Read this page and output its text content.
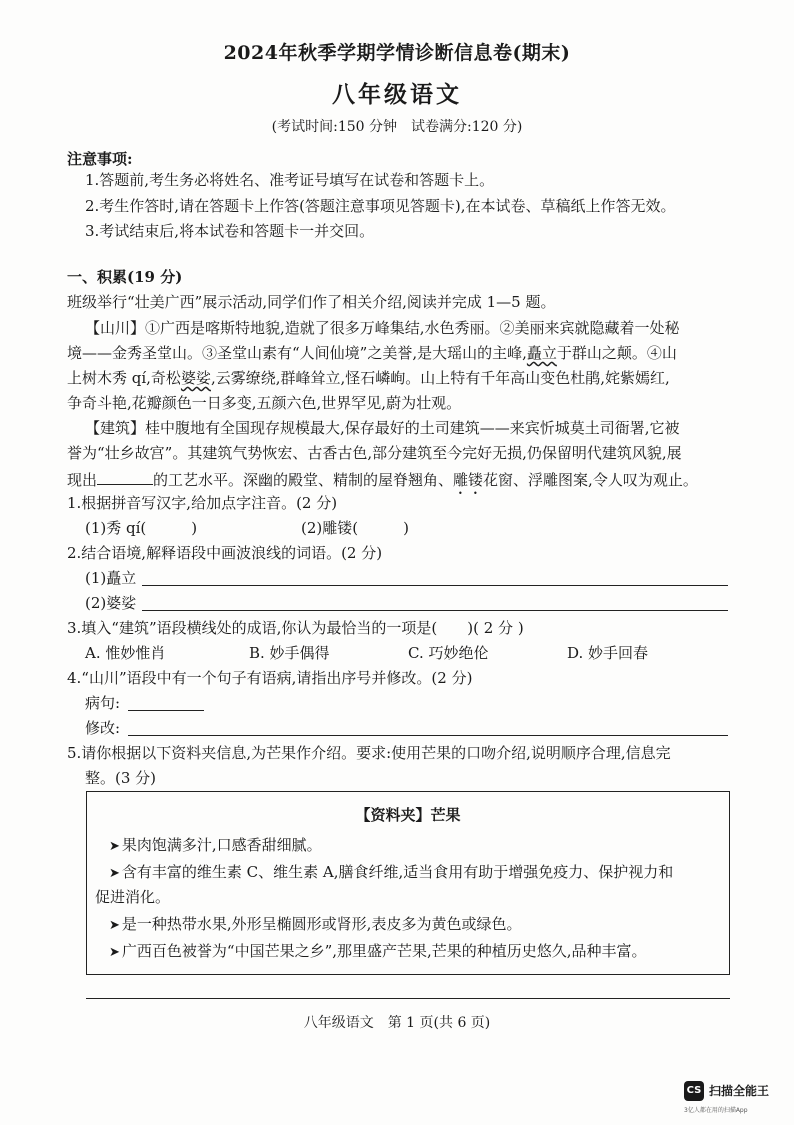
2024年秋季学期学情诊断信息卷(期末)
八年级语文
(考试时间:150 分钟　试卷满分:120 分)
注意事项:
1.答题前,考生务必将姓名、准考证号填写在试卷和答题卡上。
2.考生作答时,请在答题卡上作答(答题注意事项见答题卡),在本试卷、草稿纸上作答无效。
3.考试结束后,将本试卷和答题卡一并交回。
一、积累(19 分)
班级举行“壮美广西”展示活动,同学们作了相关介绍,阅读并完成 1—5 题。
【山川】①广西是喀斯特地貌,造就了很多万峰集结,水色秀丽。②美丽来宾就隐藏着一处秘
境——金秀圣堂山。③圣堂山素有“人间仙境”之美誉,是大瑶山的主峰,矗立于群山之颠。④山
上树木秀 qí,奇松婆娑,云雾缭绕,群峰耸立,怪石嶙峋。山上特有千年高山变色杜鹃,姹紫嫣红,
争奇斗艳,花瓣颜色一日多变,五颜六色,世界罕见,蔚为壮观。
【建筑】桂中腹地有全国现存规模最大,保存最好的土司建筑——来宾忻城莫土司衙署,它被
誉为“壮乡故宫”。其建筑气势恢宏、古香古色,部分建筑至今完好无损,仍保留明代建筑风貌,展
现出	的工艺水平。深幽的殿堂、精制的屋脊翘角、雕镂花窗、浮雕图案,令人叹为观止。
1.根据拼音写汉字,给加点字注音。(2 分)
(1)秀 qí(　　　)	(2)雕镂(　　　)
2.结合语境,解释语段中画波浪线的词语。(2 分)
(1)矗立
(2)婆娑
3.填入“建筑”语段横线处的成语,你认为最恰当的一项是(　　)( 2 分 )
A. 惟妙惟肖	B. 妙手偶得	C. 巧妙绝伦	D. 妙手回春
4.“山川”语段中有一个句子有语病,请指出序号并修改。(2 分)
病句:
修改:
5.请你根据以下资料夹信息,为芒果作介绍。要求:使用芒果的口吻介绍,说明顺序合理,信息完
整。(3 分)
【资料夹】芒果
➤ 果肉饱满多汁,口感香甜细腻。
➤ 含有丰富的维生素 C、维生素 A,膳食纤维,适当食用有助于增强免疫力、保护视力和
促进消化。
➤ 是一种热带水果,外形呈椭圆形或肾形,表皮多为黄色或绿色。
➤ 广西百色被誉为“中国芒果之乡”,那里盛产芒果,芒果的种植历史悠久,品种丰富。
八年级语文　第 1 页(共 6 页)
CS 扫描全能王
3亿人都在用的扫描App
